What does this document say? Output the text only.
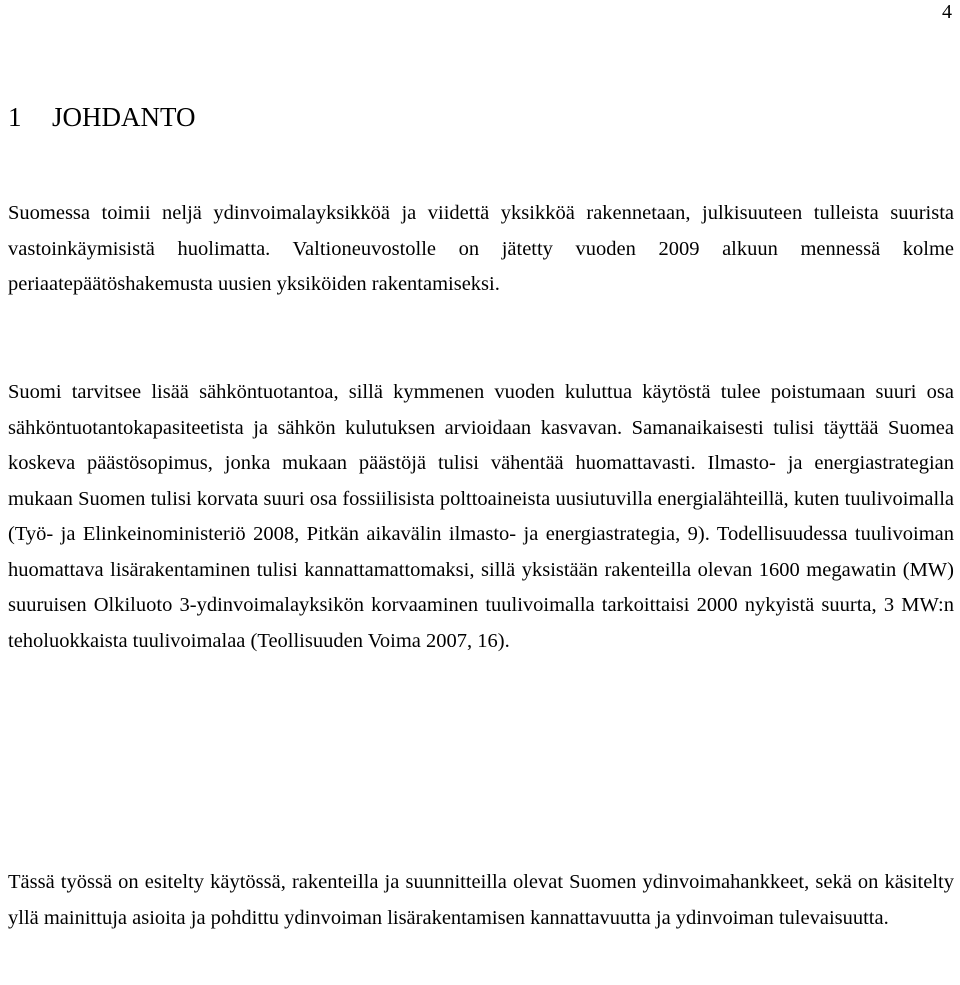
4
1 JOHDANTO

Suomessa toimii neljä ydinvoimalayksikköä ja viidettä yksikköä rakennetaan, julkisuuteen tulleista suurista vastoinkäymisistä huolimatta. Valtioneuvostolle on jätetty vuoden 2009 alkuun mennessä kolme periaatepäätöshakemusta uusien yksiköiden rakentamiseksi.

Suomi tarvitsee lisää sähköntuotantoa, sillä kymmenen vuoden kuluttua käytöstä tulee poistumaan suuri osa sähköntuotantokapasiteetista ja sähkön kulutuksen arvioidaan kasvavan. Samanaikaisesti tulisi täyttää Suomea koskeva päästösopimus, jonka mukaan päästöjä tulisi vähentää huomattavasti. Ilmasto- ja energiastrategian mukaan Suomen tulisi korvata suuri osa fossiilisista polttoaineista uusiutuvilla energialähteillä, kuten tuulivoimalla (Työ- ja Elinkeinoministeriö 2008, Pitkän aikavälin ilmasto- ja energiastrategia, 9). Todellisuudessa tuulivoiman huomattava lisärakentaminen tulisi kannattamattomaksi, sillä yksistään rakenteilla olevan 1600 megawatin (MW) suuruisen Olkiluoto 3-ydinvoimalayksikön korvaaminen tuulivoimalla tarkoittaisi 2000 nykyistä suurta, 3 MW:n teholuokkaista tuulivoimalaa (Teollisuuden Voima 2007, 16).

Tässä työssä on esitelty käytössä, rakenteilla ja suunnitteilla olevat Suomen ydinvoimahankkeet, sekä on käsitelty yllä mainittuja asioita ja pohdittu ydinvoiman lisärakentamisen kannattavuutta ja ydinvoiman tulevaisuutta.
